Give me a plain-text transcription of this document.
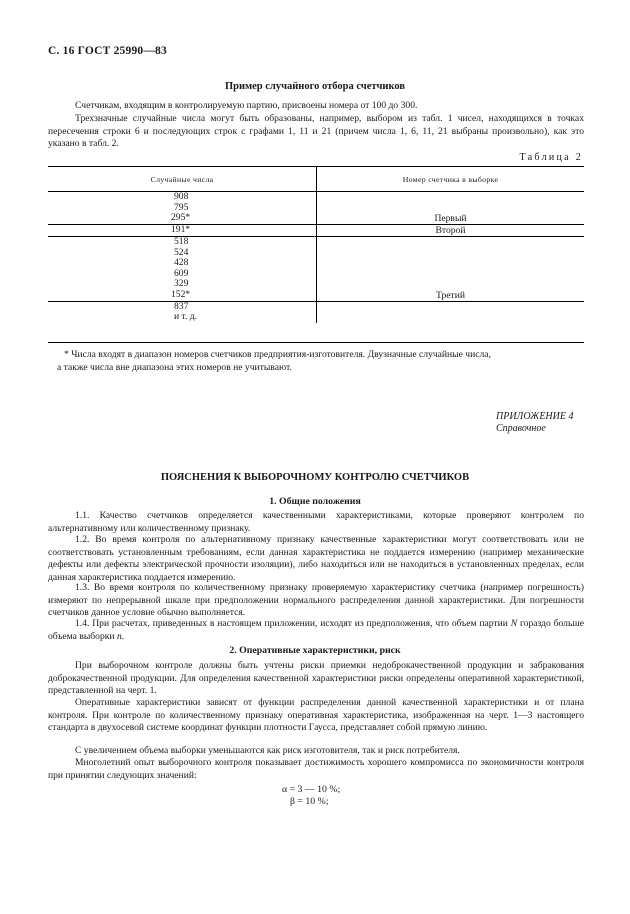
С. 16 ГОСТ 25990—83
Пример случайного отбора счетчиков
Счетчикам, входящим в контролируемую партию, присвоены номера от 100 до 300.
Трехзначные случайные числа могут быть образованы, например, выбором из табл. 1 чисел, находящихся в точках пересечения строки 6 и последующих строк с графами 1, 11 и 21 (причем числа 1, 6, 11, 21 выбраны произвольно), как это указано в табл. 2.
Таблица 2
Случайные числа	Номер счетчика в выборке

908
795	

295*	Первый

191*	Второй

518
524
428
609
329	

152*	Третий

837
и т. д.	

* Числа входят в диапазон номеров счетчиков предприятия-изготовителя. Двузначные случайные числа,
а также числа вне диапазона этих номеров не учитывают.
ПРИЛОЖЕНИЕ 4
Справочное
ПОЯСНЕНИЯ К ВЫБОРОЧНОМУ КОНТРОЛЮ СЧЕТЧИКОВ
1. Общие положения
1.1. Качество счетчиков определяется качественными характеристиками, которые проверяют контролем по альтернативному или количественному признаку.
1.2. Во время контроля по альтернативному признаку качественные характеристики могут соответствовать или не соответствовать установленным требованиям, если данная характеристика не поддается измерению (например механические дефекты или дефекты электрической прочности изоляции), либо находиться или не находиться в установленных пределах, если данная характеристика поддается измерению.
1.3. Во время контроля по количественному признаку проверяемую характеристику счетчика (например погрешность) измеряют по непрерывной шкале при предположении нормального распределения данной характеристики. Для погрешности счетчиков данное условие обычно выполняется.
1.4. При расчетах, приведенных в настоящем приложении, исходят из предположения, что объем партии N гораздо больше объема выборки n.
2. Оперативные характеристики, риск
При выборочном контроле должны быть учтены риски приемки недоброкачественной продукции и забракования доброкачественной продукции. Для определения качественной характеристики риски определены оперативной характеристикой, представленной на черт. 1.
Оперативные характеристики зависят от функции распределения данной качественной характеристики и от плана контроля. При контроле по количественному признаку оперативная характеристика, изображенная на черт. 1—3 настоящего стандарта в двухосевой системе координат функции плотности Гаусса, представляет собой прямую линию.
С увеличением объема выборки уменьшаются как риск изготовителя, так и риск потребителя.
Многолетний опыт выборочного контроля показывает достижимость хорошего компромисса по экономичности контроля при принятии следующих значений:
α = 3 — 10 %;
β = 10 %;
